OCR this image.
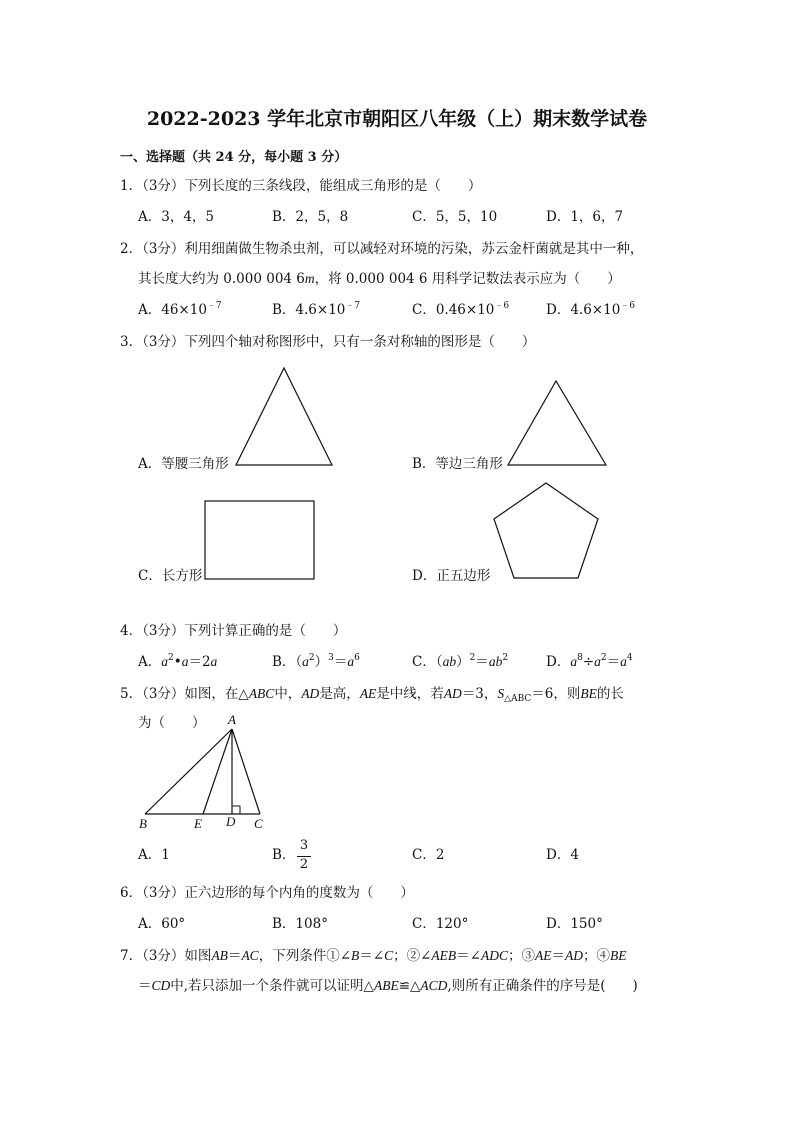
2022-2023 学年北京市朝阳区八年级（上）期末数学试卷
一、选择题（共 24 分，每小题 3 分）
1．（3分）下列长度的三条线段，能组成三角形的是（　　）
A．3，4，5	B．2，5，8	C．5，5，10	D．1，6，7
2．（3分）利用细菌做生物杀虫剂，可以减轻对环境的污染，苏云金杆菌就是其中一种，
其长度大约为 0.000 004 6m，将 0.000 004 6 用科学记数法表示应为（　　）
A．$46\times 10^{﹣7}$	B．$4.6\times 10^{﹣7}$	C．$0.46\times 10^{﹣6}$	D．$4.6\times 10^{﹣6}$
3．（3分）下列四个轴对称图形中，只有一条对称轴的图形是（　　）
A．等腰三角形	B．等边三角形
C．长方形	D．正五边形
4．（3分）下列计算正确的是（　　）
A．$a^2•a=2a$	B．$(a^2)^3=a^6$	C．$(ab)^2=ab^2$	D．$a^8\div a^2=a^4$
5．（3分）如图，在△ABC中，AD是高，AE是中线，若AD＝3，$S_{\triangle ABC}=6$，则BE的长
为（　　） A
B	E D C
A．1	B．
3
2
C．2	D．4
6．（3分）正六边形的每个内角的度数为（　　）
A．60°	B．108°	C．120°	D．150°
7．（3分）如图AB＝AC，下列条件①∠B＝∠C；②∠AEB＝∠ADC；③AE＝AD；④BE
＝CD中,若只添加一个条件就可以证明△ABE≌△ACD,则所有正确条件的序号是(　　)
